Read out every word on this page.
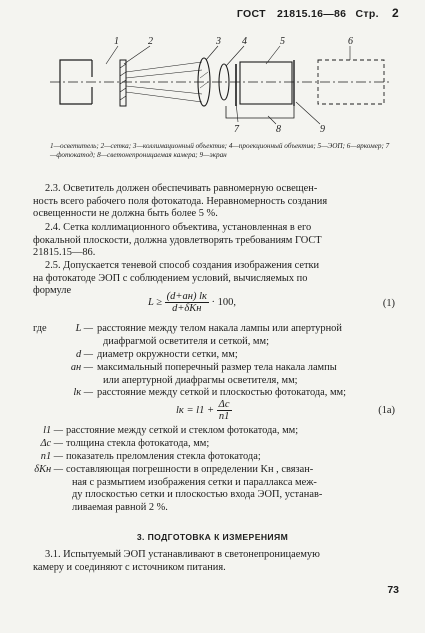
ГОСТ 21815.16—86 Стр. 2
1	2	3 4	5	6
7	8	9
1—осветитель; 2—сетка; 3—коллимационный объектив; 4—проекционный объектив; 5—ЭОП; 6—яркомер; 7—фотокатод; 8—светонепроницаемая камера; 9—экран
2.3. Осветитель должен обеспечивать равномерную освещен-
ность всего рабочего поля фотокатода. Неравномерность создания
освещенности не должна быть более 5 %.
2.4. Сетка коллимационного объектива, установленная в его
фокальной плоскости, должна удовлетворять требованиям ГОСТ
21815.15—86.
2.5. Допускается теневой способ создания изображения сетки
на фотокатоде ЭОП с соблюдением условий, вычисляемых по
формуле
$L \ge \frac{(d+aн) lк}{\text{d+δKн}} \cdot 100$,	(1)
где	L — расстояние между телом накала лампы или апертурной
диафрагмой осветителя и сеткой, мм;
d — диаметр окружности сетки, мм;
aн — максимальный поперечный размер тела накала лампы
или апертурной диафрагмы осветителя, мм;
lк — расстояние между сеткой и плоскостью фотокатода, мм;
lк = $l1 + \frac{\Delta c}{n1}$	(1а)
l1 — расстояние между сеткой и стеклом фотокатода, мм;
Δc — толщина стекла фотокатода, мм;
n1 — показатель преломления стекла фотокатода;
δKн — составляющая погрешности в определении Kн , связан-
ная с размытием изображения сетки и параллакса меж-
ду плоскостью сетки и плоскостью входа ЭОП, устанав-
ливаемая равной 2 %.
3. ПОДГОТОВКА К ИЗМЕРЕНИЯМ
3.1. Испытуемый ЭОП устанавливают в светонепроницаемую
камеру и соединяют с источником питания.
73
